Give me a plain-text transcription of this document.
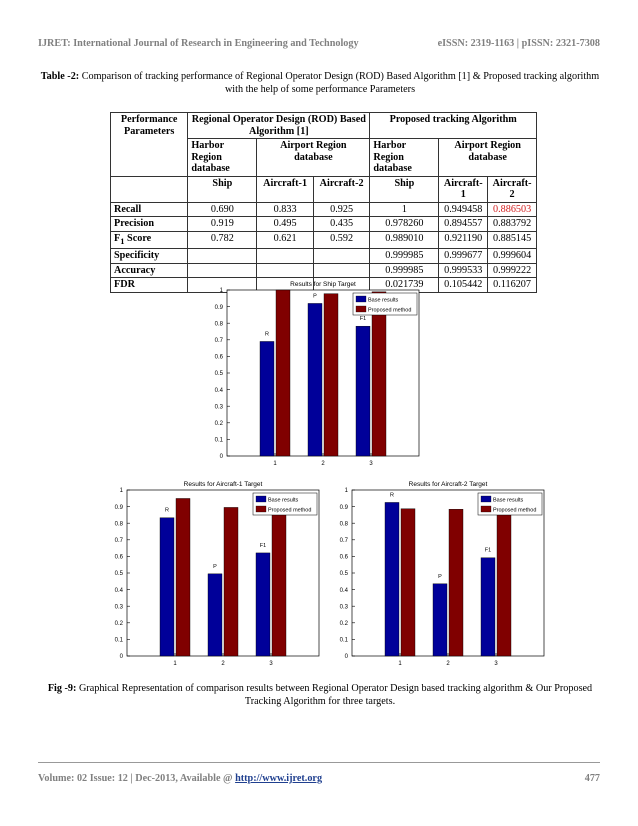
IJRET: International Journal of Research in Engineering and Technology	eISSN: 2319-1163 | pISSN: 2321-7308
Table -2: Comparison of tracking performance of Regional Operator Design (ROD) Based Algorithm [1] & Proposed tracking algorithm with the help of some performance Parameters
Performance Parameters	Regional Operator Design (ROD) Based Algorithm [1]			Proposed tracking Algorithm		
	Harbor Region database	Airport Region database		Harbor Region database	Airport Region database	
	Ship	Aircraft-1	Aircraft-2	Ship	Aircraft-1	Aircraft-2
Recall	0.690	0.833	0.925	1	0.949458	0.886503
Precision	0.919	0.495	0.435	0.978260	0.894557	0.883792
$F_1$ Score	0.782	0.621	0.592	0.989010	0.921190	0.885145
Specificity				0.999985	0.999677	0.999604
Accuracy				0.999985	0.999533	0.999222
FDR				0.021739	0.105442	0.116207
Results for Ship Target
0
0.1
0.2
0.3
0.4
0.5
0.6
0.7
0.8
0.9
1
1
R
2
P
3
F1
Base results
Proposed method
Results for Aircraft-1 Target
0
0.1
0.2
0.3
0.4
0.5
0.6
0.7
0.8
0.9
1
1
R
2
P
3
F1
Base results
Proposed method
Results for Aircraft-2 Target
0
0.1
0.2
0.3
0.4
0.5
0.6
0.7
0.8
0.9
1
1
R
2
P
3
F1
Base results
Proposed method
Fig -9: Graphical Representation of comparison results between Regional Operator Design based tracking algorithm & Our Proposed Tracking Algorithm for three targets.
Volume: 02 Issue: 12 | Dec-2013, Available @ http://www.ijret.org	477
